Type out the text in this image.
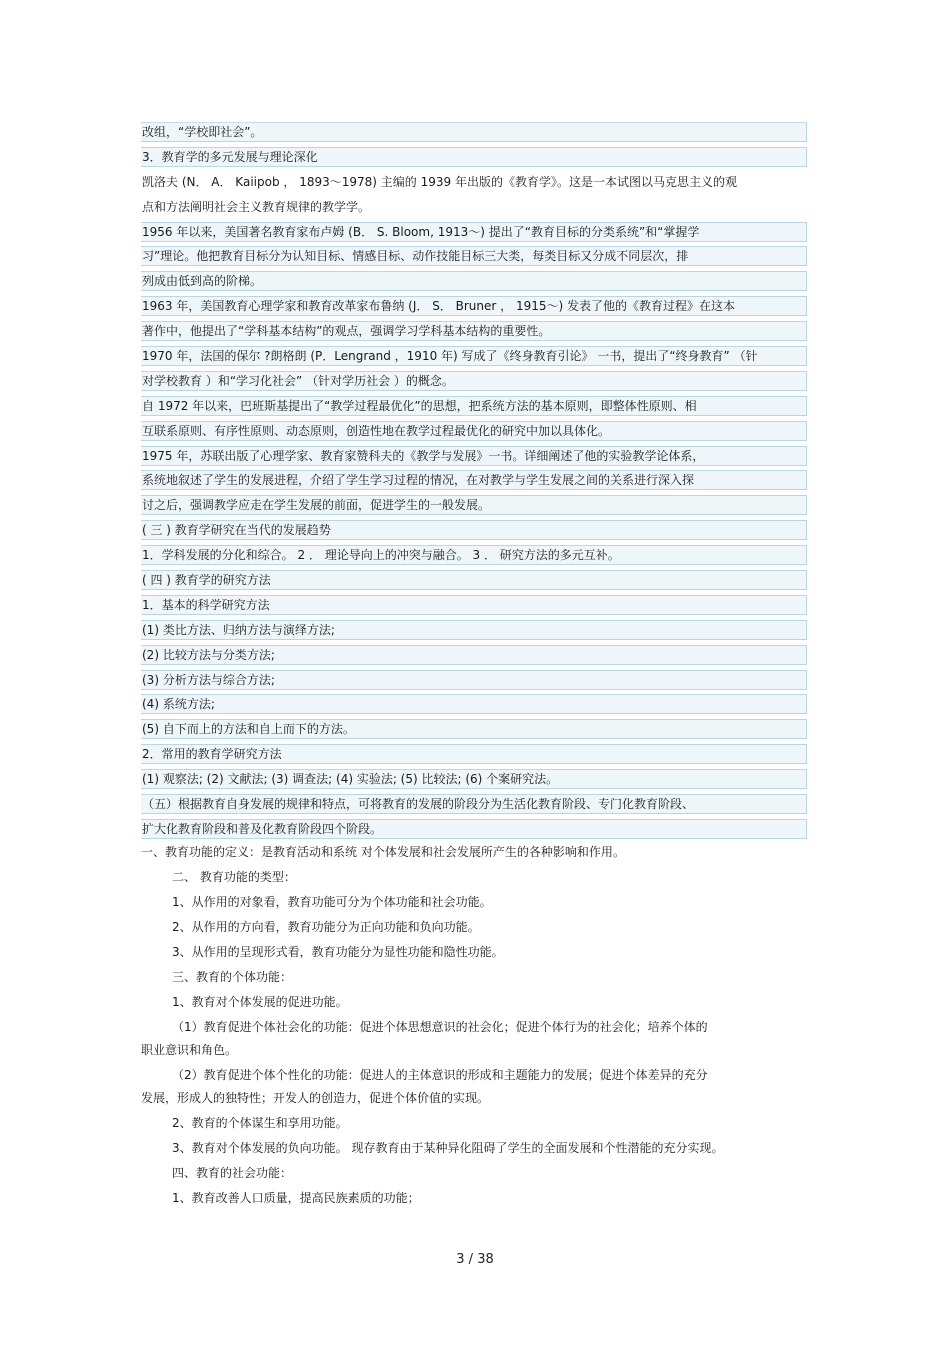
改组，“学校即社会”。
3．教育学的多元发展与理论深化
凯洛夫 (N． A． Kaiipob ， 1893～1978) 主编的 1939 年出版的《教育学》。这是一本试图以马克思主义的观
点和方法阐明社会主义教育规律的教学学。
1956 年以来，美国著名教育家布卢姆 (B． S. Bloom, 1913～) 提出了“教育目标的分类系统”和“掌握学
习”理论。他把教育目标分为认知目标、情感目标、动作技能目标三大类，每类目标又分成不同层次，排
列成由低到高的阶梯。
1963 年，美国教育心理学家和教育改革家布鲁纳 (J． S． Bruner ， 1915～) 发表了他的《教育过程》在这本
著作中，他提出了“学科基本结构”的观点，强调学习学科基本结构的重要性。
1970 年，法国的保尔 ?朗格朗 (P．Lengrand ，1910 年) 写成了《终身教育引论》 一书，提出了“终身教育” （针
对学校教育 ）和“学习化社会” （针对学历社会 ）的概念。
自 1972 年以来，巴班斯基提出了“教学过程最优化”的思想，把系统方法的基本原则，即整体性原则、相
互联系原则、有序性原则、动态原则，创造性地在教学过程最优化的研究中加以具体化。
1975 年，苏联出版了心理学家、教育家赞科夫的《教学与发展》一书。详细阐述了他的实验教学论体系，
系统地叙述了学生的发展进程，介绍了学生学习过程的情况，在对教学与学生发展之间的关系进行深入探
讨之后，强调教学应走在学生发展的前面，促进学生的一般发展。
( 三 ) 教育学研究在当代的发展趋势
1．学科发展的分化和综合。 2 ． 理论导向上的冲突与融合。 3 ． 研究方法的多元互补。
( 四 ) 教育学的研究方法
1．基本的科学研究方法
(1) 类比方法、归纳方法与演绎方法;
(2) 比较方法与分类方法;
(3) 分析方法与综合方法;
(4) 系统方法;
(5) 自下而上的方法和自上而下的方法。
2．常用的教育学研究方法
(1) 观察法; (2) 文献法; (3) 调查法; (4) 实验法; (5) 比较法; (6) 个案研究法。
（五）根据教育自身发展的规律和特点，可将教育的发展的阶段分为生活化教育阶段、专门化教育阶段、
扩大化教育阶段和普及化教育阶段四个阶段。
一、教育功能的定义：是教育活动和系统 对个体发展和社会发展所产生的各种影响和作用。
二、 教育功能的类型：
1、从作用的对象看，教育功能可分为个体功能和社会功能。
2、从作用的方向看，教育功能分为正向功能和负向功能。
3、从作用的呈现形式看，教育功能分为显性功能和隐性功能。
三、教育的个体功能：
1、教育对个体发展的促进功能。
（1）教育促进个体社会化的功能：促进个体思想意识的社会化；促进个体行为的社会化；培养个体的
职业意识和角色。
（2）教育促进个体个性化的功能：促进人的主体意识的形成和主题能力的发展；促进个体差异的充分
发展，形成人的独特性；开发人的创造力，促进个体价值的实现。
2、教育的个体谋生和享用功能。
3、教育对个体发展的负向功能。 现存教育由于某种异化阻碍了学生的全面发展和个性潜能的充分实现。
四、教育的社会功能：
1、教育改善人口质量，提高民族素质的功能；
3 / 38
